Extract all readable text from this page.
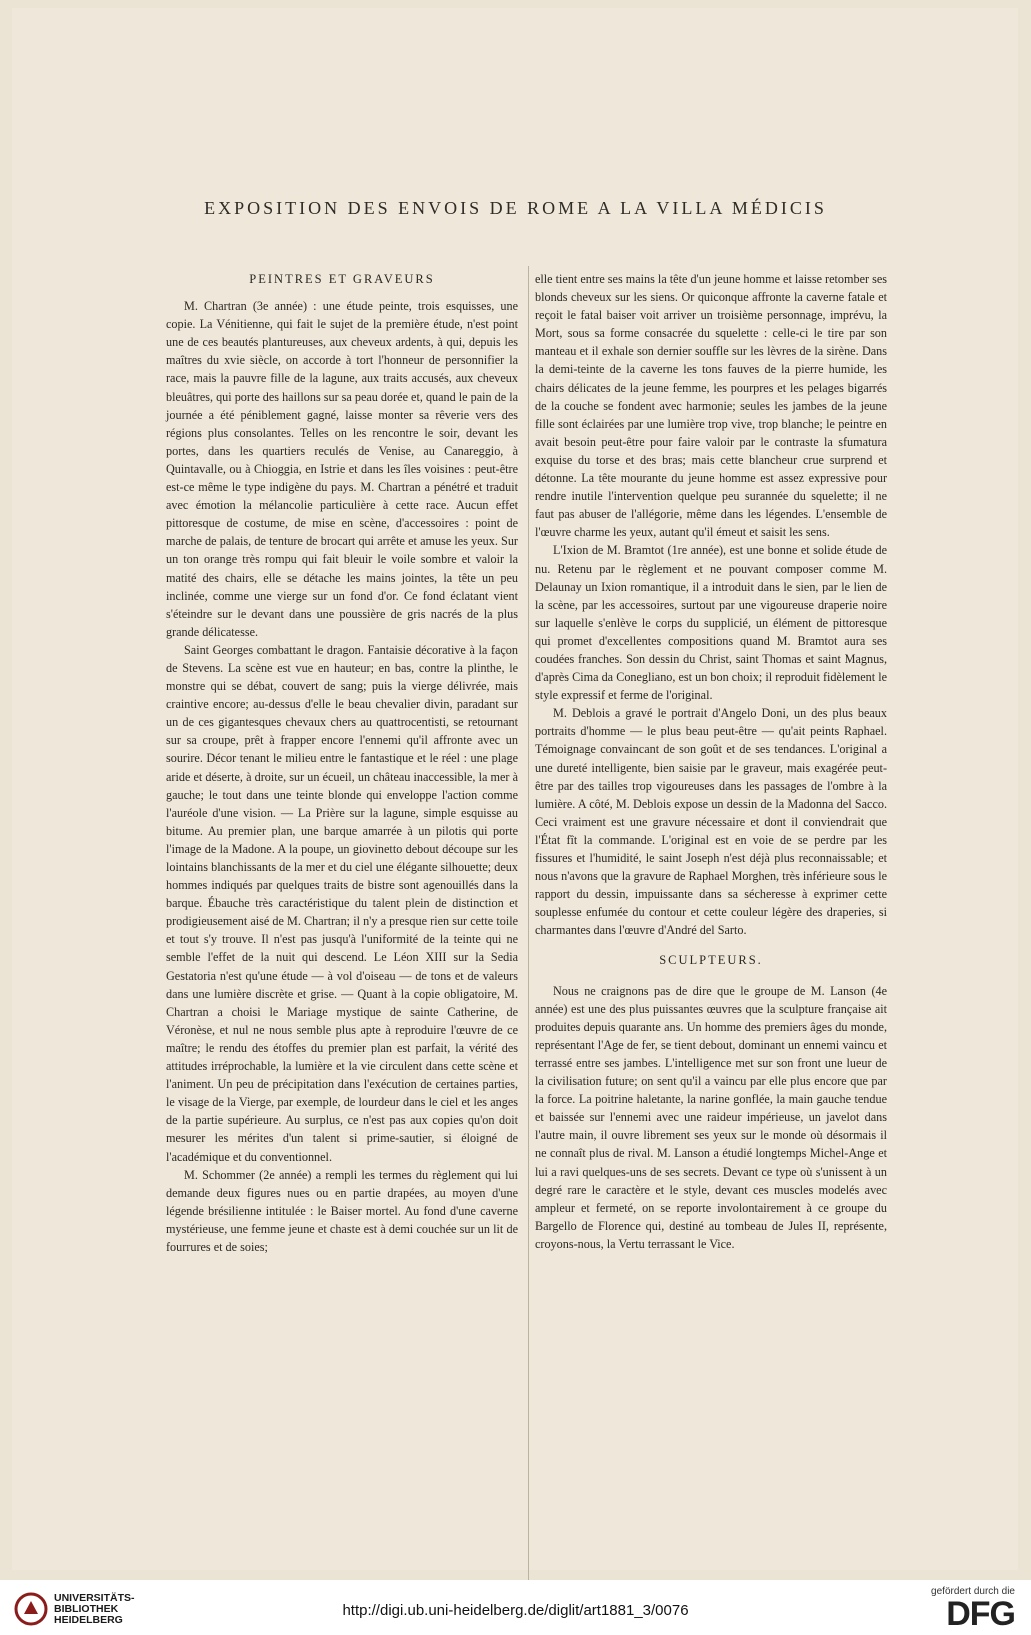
EXPOSITION DES ENVOIS DE ROME A LA VILLA MÉDICIS
PEINTRES ET GRAVEURS

M. Chartran (3e année) : une étude peinte, trois esquisses, une copie. La Vénitienne, qui fait le sujet de la première étude, n'est point une de ces beautés plantureuses, aux cheveux ardents, à qui, depuis les maîtres du xvie siècle, on accorde à tort l'honneur de personnifier la race, mais la pauvre fille de la lagune, aux traits accusés, aux cheveux bleuâtres, qui porte des haillons sur sa peau dorée et, quand le pain de la journée a été péniblement gagné, laisse monter sa rêverie vers des régions plus consolantes. Telles on les rencontre le soir, devant les portes, dans les quartiers reculés de Venise, au Canareggio, à Quintavalle, ou à Chioggia, en Istrie et dans les îles voisines : peut-être est-ce même le type indigène du pays. M. Chartran a pénétré et traduit avec émotion la mélancolie particulière à cette race. Aucun effet pittoresque de costume, de mise en scène, d'accessoires : point de marche de palais, de tenture de brocart qui arrête et amuse les yeux. Sur un ton orange très rompu qui fait bleuir le voile sombre et valoir la matité des chairs, elle se détache les mains jointes, la tête un peu inclinée, comme une vierge sur un fond d'or. Ce fond éclatant vient s'éteindre sur le devant dans une poussière de gris nacrés de la plus grande délicatesse.

Saint Georges combattant le dragon. Fantaisie décorative à la façon de Stevens. La scène est vue en hauteur; en bas, contre la plinthe, le monstre qui se débat, couvert de sang; puis la vierge délivrée, mais craintive encore; au-dessus d'elle le beau chevalier divin, paradant sur un de ces gigantesques chevaux chers au quattrocentisti, se retournant sur sa croupe, prêt à frapper encore l'ennemi qu'il affronte avec un sourire. Décor tenant le milieu entre le fantastique et le réel : une plage aride et déserte, à droite, sur un écueil, un château inaccessible, la mer à gauche; le tout dans une teinte blonde qui enveloppe l'action comme l'auréole d'une vision. — La Prière sur la lagune, simple esquisse au bitume. Au premier plan, une barque amarrée à un pilotis qui porte l'image de la Madone. A la poupe, un giovinetto debout découpe sur les lointains blanchissants de la mer et du ciel une élégante silhouette; deux hommes indiqués par quelques traits de bistre sont agenouillés dans la barque. Ébauche très caractéristique du talent plein de distinction et prodigieusement aisé de M. Chartran; il n'y a presque rien sur cette toile et tout s'y trouve. Il n'est pas jusqu'à l'uniformité de la teinte qui ne semble l'effet de la nuit qui descend. Le Léon XIII sur la Sedia Gestatoria n'est qu'une étude — à vol d'oiseau — de tons et de valeurs dans une lumière discrète et grise. — Quant à la copie obligatoire, M. Chartran a choisi le Mariage mystique de sainte Catherine, de Véronèse, et nul ne nous semble plus apte à reproduire l'œuvre de ce maître; le rendu des étoffes du premier plan est parfait, la vérité des attitudes irréprochable, la lumière et la vie circulent dans cette scène et l'animent. Un peu de précipitation dans l'exécution de certaines parties, le visage de la Vierge, par exemple, de lourdeur dans le ciel et les anges de la partie supérieure. Au surplus, ce n'est pas aux copies qu'on doit mesurer les mérites d'un talent si prime-sautier, si éloigné de l'académique et du conventionnel.

M. Schommer (2e année) a rempli les termes du règlement qui lui demande deux figures nues ou en partie drapées, au moyen d'une légende brésilienne intitulée : le Baiser mortel. Au fond d'une caverne mystérieuse, une femme jeune et chaste est à demi couchée sur un lit de fourrures et de soies;

elle tient entre ses mains la tête d'un jeune homme et laisse retomber ses blonds cheveux sur les siens. Or quiconque affronte la caverne fatale et reçoit le fatal baiser voit arriver un troisième personnage, imprévu, la Mort, sous sa forme consacrée du squelette : celle-ci le tire par son manteau et il exhale son dernier souffle sur les lèvres de la sirène. Dans la demi-teinte de la caverne les tons fauves de la pierre humide, les chairs délicates de la jeune femme, les pourpres et les pelages bigarrés de la couche se fondent avec harmonie; seules les jambes de la jeune fille sont éclairées par une lumière trop vive, trop blanche; le peintre en avait besoin peut-être pour faire valoir par le contraste la sfumatura exquise du torse et des bras; mais cette blancheur crue surprend et détonne. La tête mourante du jeune homme est assez expressive pour rendre inutile l'intervention quelque peu surannée du squelette; il ne faut pas abuser de l'allégorie, même dans les légendes. L'ensemble de l'œuvre charme les yeux, autant qu'il émeut et saisit les sens.

L'Ixion de M. Bramtot (1re année), est une bonne et solide étude de nu. Retenu par le règlement et ne pouvant composer comme M. Delaunay un Ixion romantique, il a introduit dans le sien, par le lien de la scène, par les accessoires, surtout par une vigoureuse draperie noire sur laquelle s'enlève le corps du supplicié, un élément de pittoresque qui promet d'excellentes compositions quand M. Bramtot aura ses coudées franches. Son dessin du Christ, saint Thomas et saint Magnus, d'après Cima da Conegliano, est un bon choix; il reproduit fidèlement le style expressif et ferme de l'original.

M. Deblois a gravé le portrait d'Angelo Doni, un des plus beaux portraits d'homme — le plus beau peut-être — qu'ait peints Raphael. Témoignage convaincant de son goût et de ses tendances. L'original a une dureté intelligente, bien saisie par le graveur, mais exagérée peut-être par des tailles trop vigoureuses dans les passages de l'ombre à la lumière. A côté, M. Deblois expose un dessin de la Madonna del Sacco. Ceci vraiment est une gravure nécessaire et dont il conviendrait que l'État fît la commande. L'original est en voie de se perdre par les fissures et l'humidité, le saint Joseph n'est déjà plus reconnaissable; et nous n'avons que la gravure de Raphael Morghen, très inférieure sous le rapport du dessin, impuissante dans sa sécheresse à exprimer cette souplesse enfumée du contour et cette couleur légère des draperies, si charmantes dans l'œuvre d'André del Sarto.

SCULPTEURS.

Nous ne craignons pas de dire que le groupe de M. Lanson (4e année) est une des plus puissantes œuvres que la sculpture française ait produites depuis quarante ans. Un homme des premiers âges du monde, représentant l'Age de fer, se tient debout, dominant un ennemi vaincu et terrassé entre ses jambes. L'intelligence met sur son front une lueur de la civilisation future; on sent qu'il a vaincu par elle plus encore que par la force. La poitrine haletante, la narine gonflée, la main gauche tendue et baissée sur l'ennemi avec une raideur impérieuse, un javelot dans l'autre main, il ouvre librement ses yeux sur le monde où désormais il ne connaît plus de rival. M. Lanson a étudié longtemps Michel-Ange et lui a ravi quelques-uns de ses secrets. Devant ce type où s'unissent à un degré rare le caractère et le style, devant ces muscles modelés avec ampleur et fermeté, on se reporte involontairement à ce groupe du Bargello de Florence qui, destiné au tombeau de Jules II, représente, croyons-nous, la Vertu terrassant le Vice.

UNIVERSITÄTS-
BIBLIOTHEK
HEIDELBERG
http://digi.ub.uni-heidelberg.de/diglit/art1881_3/0076
gefördert durch die
DFG
